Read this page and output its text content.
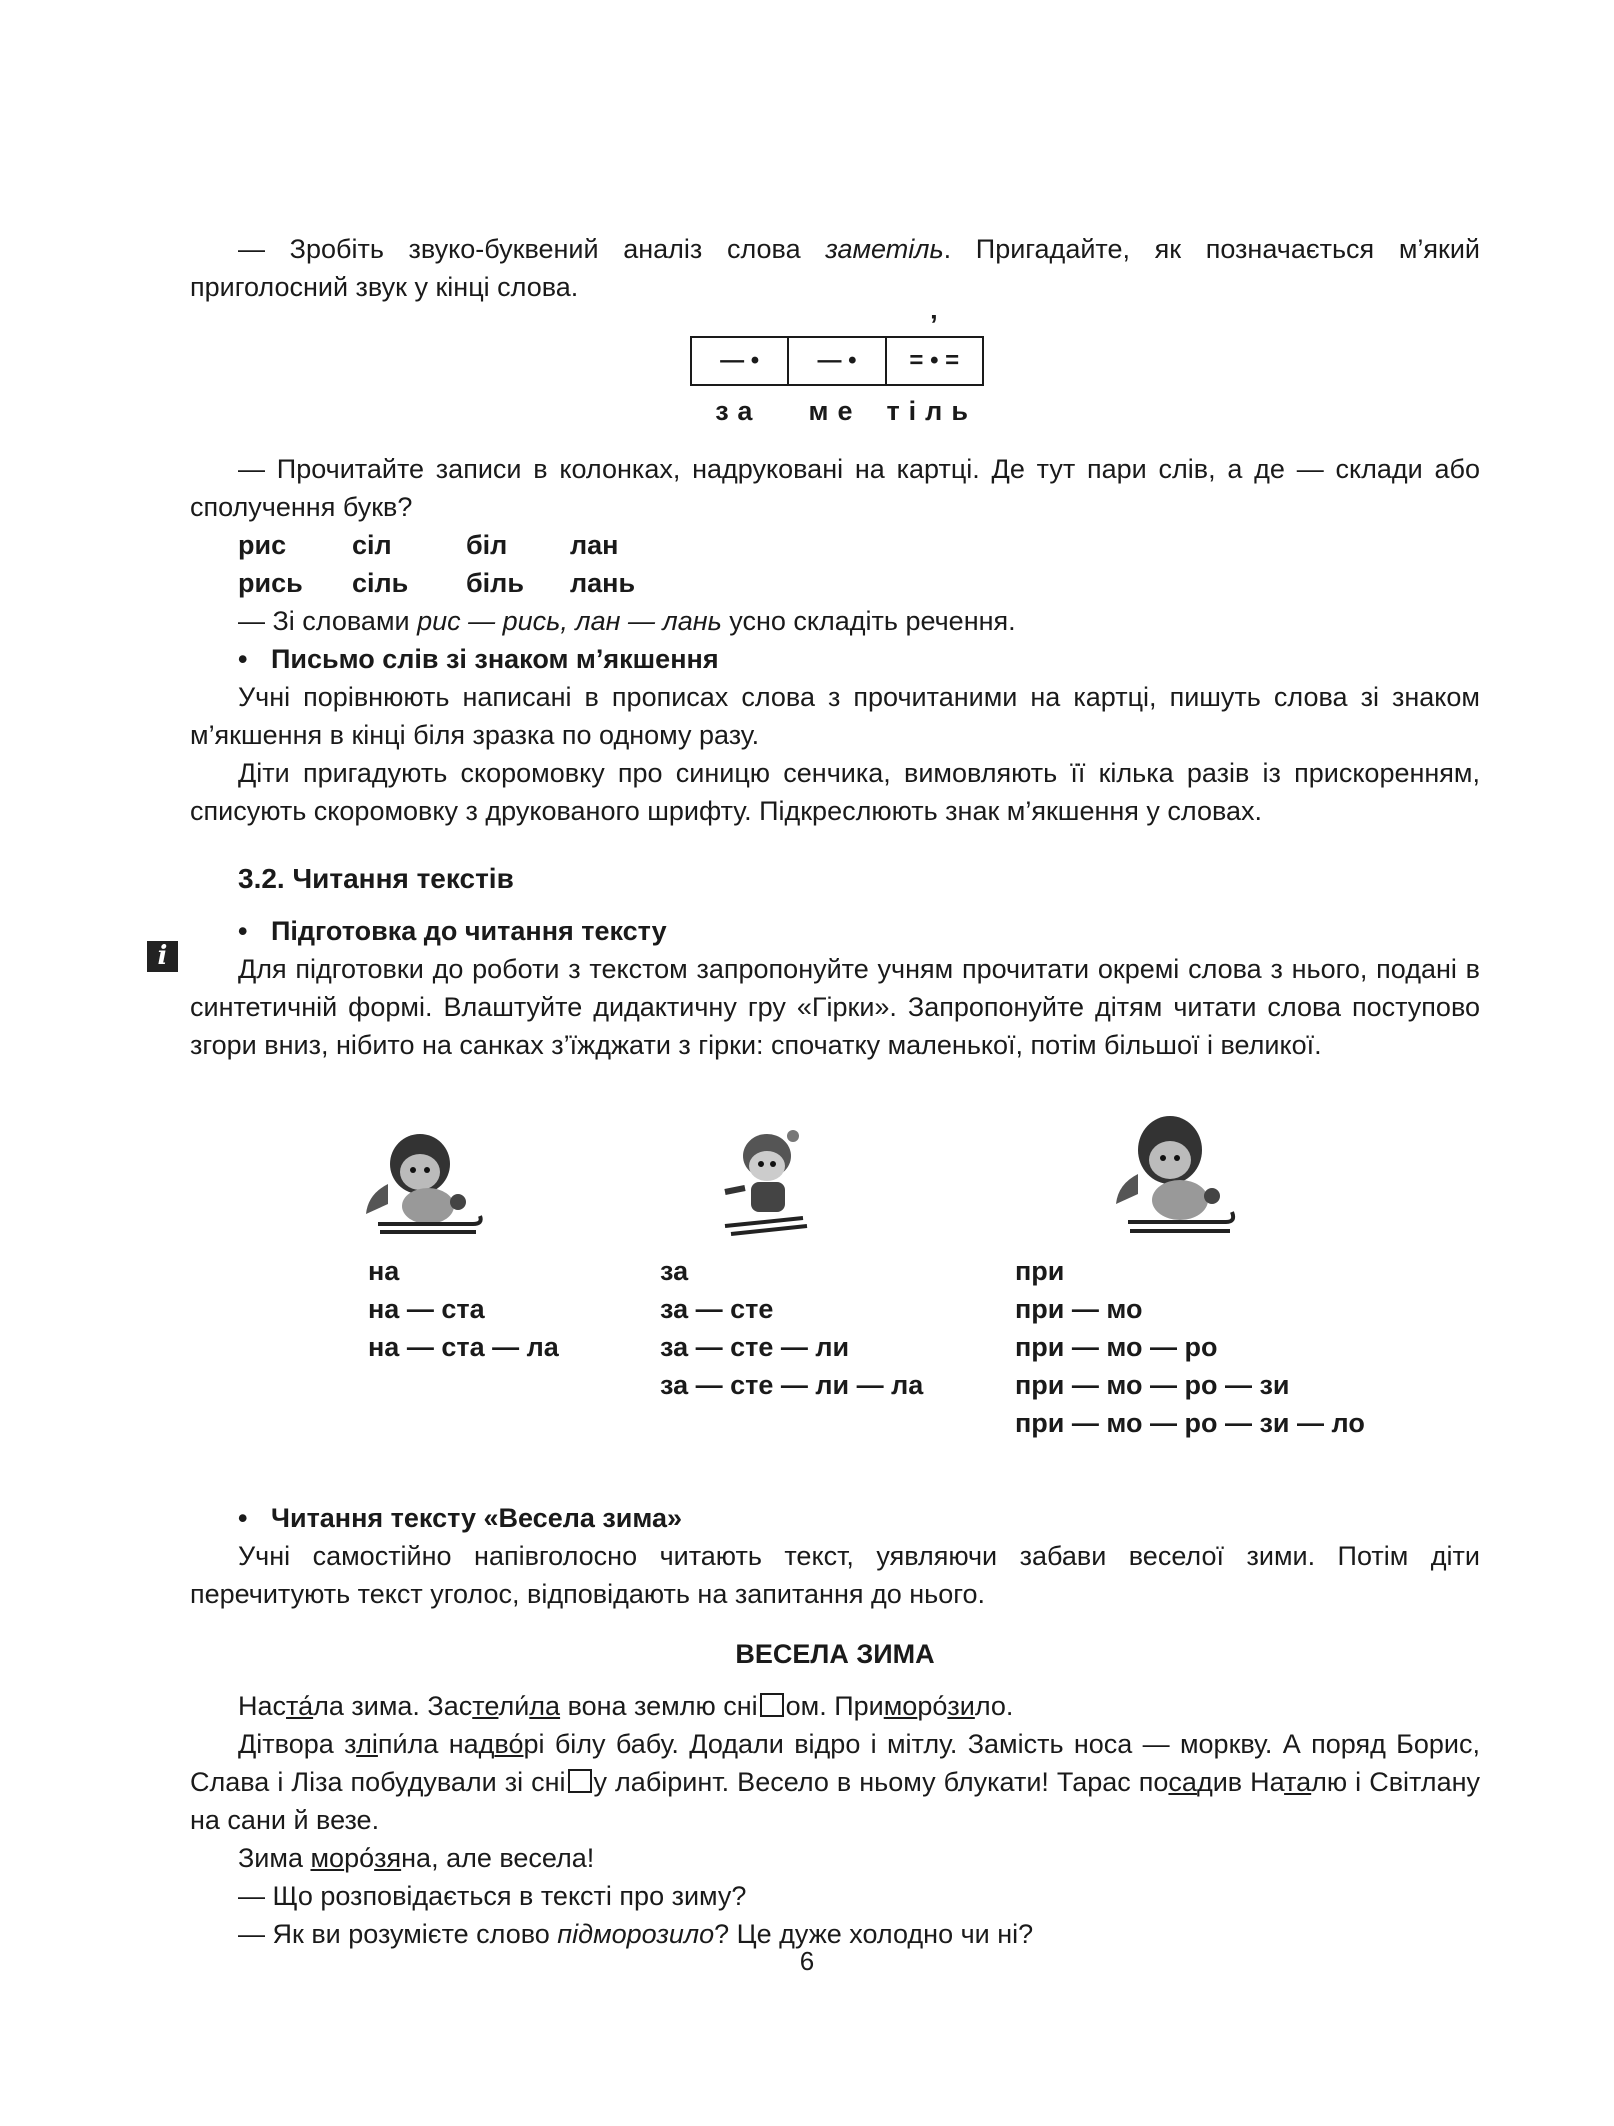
— Зробіть звуко-буквений аналіз слова заметіль. Пригадайте, як позначається м’який приголосний звук у кінці слова.

ʼ
— •	— •	= • =
за	ме тіль

— Прочитайте записи в колонках, надруковані на картці. Де тут пари слів, а де — склади або сполучення букв?

рис	сіл	біл	лан
рись	сіль	біль	лань

— Зі словами рис — рись, лан — лань усно складіть речення.

• Письмо слів зі знаком м’якшення

Учні порівнюють написані в прописах слова з прочитаними на картці, пишуть слова зі знаком м’якшення в кінці біля зразка по одному разу.

Діти пригадують скоромовку про синицю сенчика, вимовляють її кілька разів із прискоренням, списують скоромовку з друкованого шрифту. Підкреслюють знак м’якшення у словах.

3.2. Читання текстів

• Підготовка до читання тексту

Для підготовки до роботи з текстом запропонуйте учням прочитати окремі слова з нього, подані в синтетичній формі. Влаштуйте дидактичну гру «Гірки». Запропонуйте дітям читати слова поступово згори вниз, нібито на санках з’їжджати з гірки: спочатку маленької, потім більшої і великої.

на
на — ста
на — ста — ла
за
за — сте
за — сте — ли
за — сте — ли — ла
при
при — мо
при — мо — ро
при — мо — ро — зи
при — мо — ро — зи — ло

• Читання тексту «Весела зима»

Учні самостійно напівголосно читають текст, уявляючи забави веселої зими. Потім діти перечитують текст уголос, відповідають на запитання до нього.

ВЕСЕЛА ЗИМА

Наста́ла зима. Застели́ла вона землю сні ом. Приморо́зило.

Дітвора зліпи́ла надво́рі білу бабу. Додали відро і мітлу. Замість носа — моркву. А поряд Борис, Слава і Ліза побудували зі сні у лабіринт. Весело в ньому блукати! Тарас посадив Наталю і Світлану на сани й везе.

Зима моро́зяна, але весела!

— Що розповідається в тексті про зиму?

— Як ви розумієте слово підморозило? Це дуже холодно чи ні?

i
6
